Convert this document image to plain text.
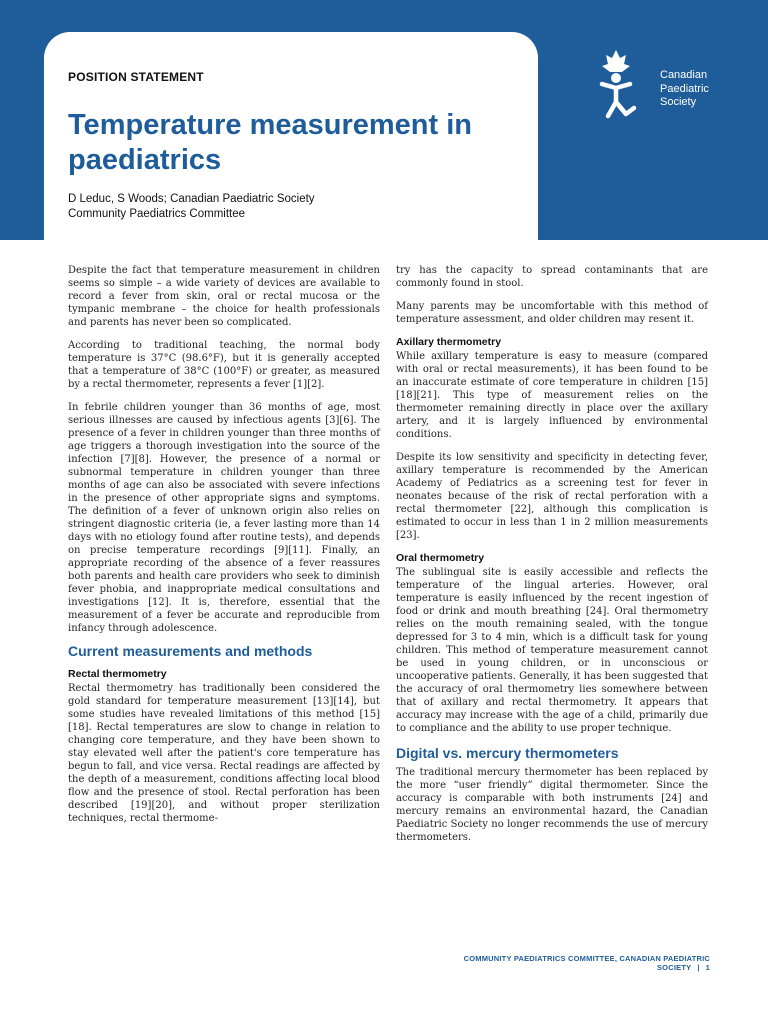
POSITION STATEMENT
Temperature measurement in paediatrics
D Leduc, S Woods; Canadian Paediatric Society
Community Paediatrics Committee
Canadian
Paediatric
Society

Despite the fact that temperature measurement in children seems so simple – a wide variety of devices are available to record a fever from skin, oral or rectal mucosa or the tympanic membrane – the choice for health professionals and parents has never been so complicated.

According to traditional teaching, the normal body temperature is 37°C (98.6°F), but it is generally accepted that a temperature of 38°C (100°F) or greater, as measured by a rectal thermometer, represents a fever [1][2].

In febrile children younger than 36 months of age, most serious illnesses are caused by infectious agents [3][6]. The presence of a fever in children younger than three months of age triggers a thorough investigation into the source of the infection [7][8]. However, the presence of a normal or subnormal temperature in children younger than three months of age can also be associated with severe infections in the presence of other appropriate signs and symptoms. The definition of a fever of unknown origin also relies on stringent diagnostic criteria (ie, a fever lasting more than 14 days with no etiology found after routine tests), and depends on precise temperature recordings [9][11]. Finally, an appropriate recording of the absence of a fever reassures both parents and health care providers who seek to diminish fever phobia, and inappropriate medical consultations and investigations [12]. It is, therefore, essential that the measurement of a fever be accurate and reproducible from infancy through adolescence.

Current measurements and methods
Rectal thermometry

Rectal thermometry has traditionally been considered the gold standard for temperature measurement [13][14], but some studies have revealed limitations of this method [15][18]. Rectal temperatures are slow to change in relation to changing core temperature, and they have been shown to stay elevated well after the patient's core temperature has begun to fall, and vice versa. Rectal readings are affected by the depth of a measurement, conditions affecting local blood flow and the presence of stool. Rectal perforation has been described [19][20], and without proper sterilization techniques, rectal thermome-

try has the capacity to spread contaminants that are commonly found in stool.

Many parents may be uncomfortable with this method of temperature assessment, and older children may resent it.

Axillary thermometry

While axillary temperature is easy to measure (compared with oral or rectal measurements), it has been found to be an inaccurate estimate of core temperature in children [15][18][21]. This type of measurement relies on the thermometer remaining directly in place over the axillary artery, and it is largely influenced by environmental conditions.

Despite its low sensitivity and specificity in detecting fever, axillary temperature is recommended by the American Academy of Pediatrics as a screening test for fever in neonates because of the risk of rectal perforation with a rectal thermometer [22], although this complication is estimated to occur in less than 1 in 2 million measurements [23].

Oral thermometry

The sublingual site is easily accessible and reflects the temperature of the lingual arteries. However, oral temperature is easily influenced by the recent ingestion of food or drink and mouth breathing [24]. Oral thermometry relies on the mouth remaining sealed, with the tongue depressed for 3 to 4 min, which is a difficult task for young children. This method of temperature measurement cannot be used in young children, or in unconscious or uncooperative patients. Generally, it has been suggested that the accuracy of oral thermometry lies somewhere between that of axillary and rectal thermometry. It appears that accuracy may increase with the age of a child, primarily due to compliance and the ability to use proper technique.

Digital vs. mercury thermometers

The traditional mercury thermometer has been replaced by the more “user friendly” digital thermometer. Since the accuracy is comparable with both instruments [24] and mercury remains an environmental hazard, the Canadian Paediatric Society no longer recommends the use of mercury thermometers.

COMMUNITY PAEDIATRICS COMMITTEE, CANADIAN PAEDIATRIC SOCIETY | 1
